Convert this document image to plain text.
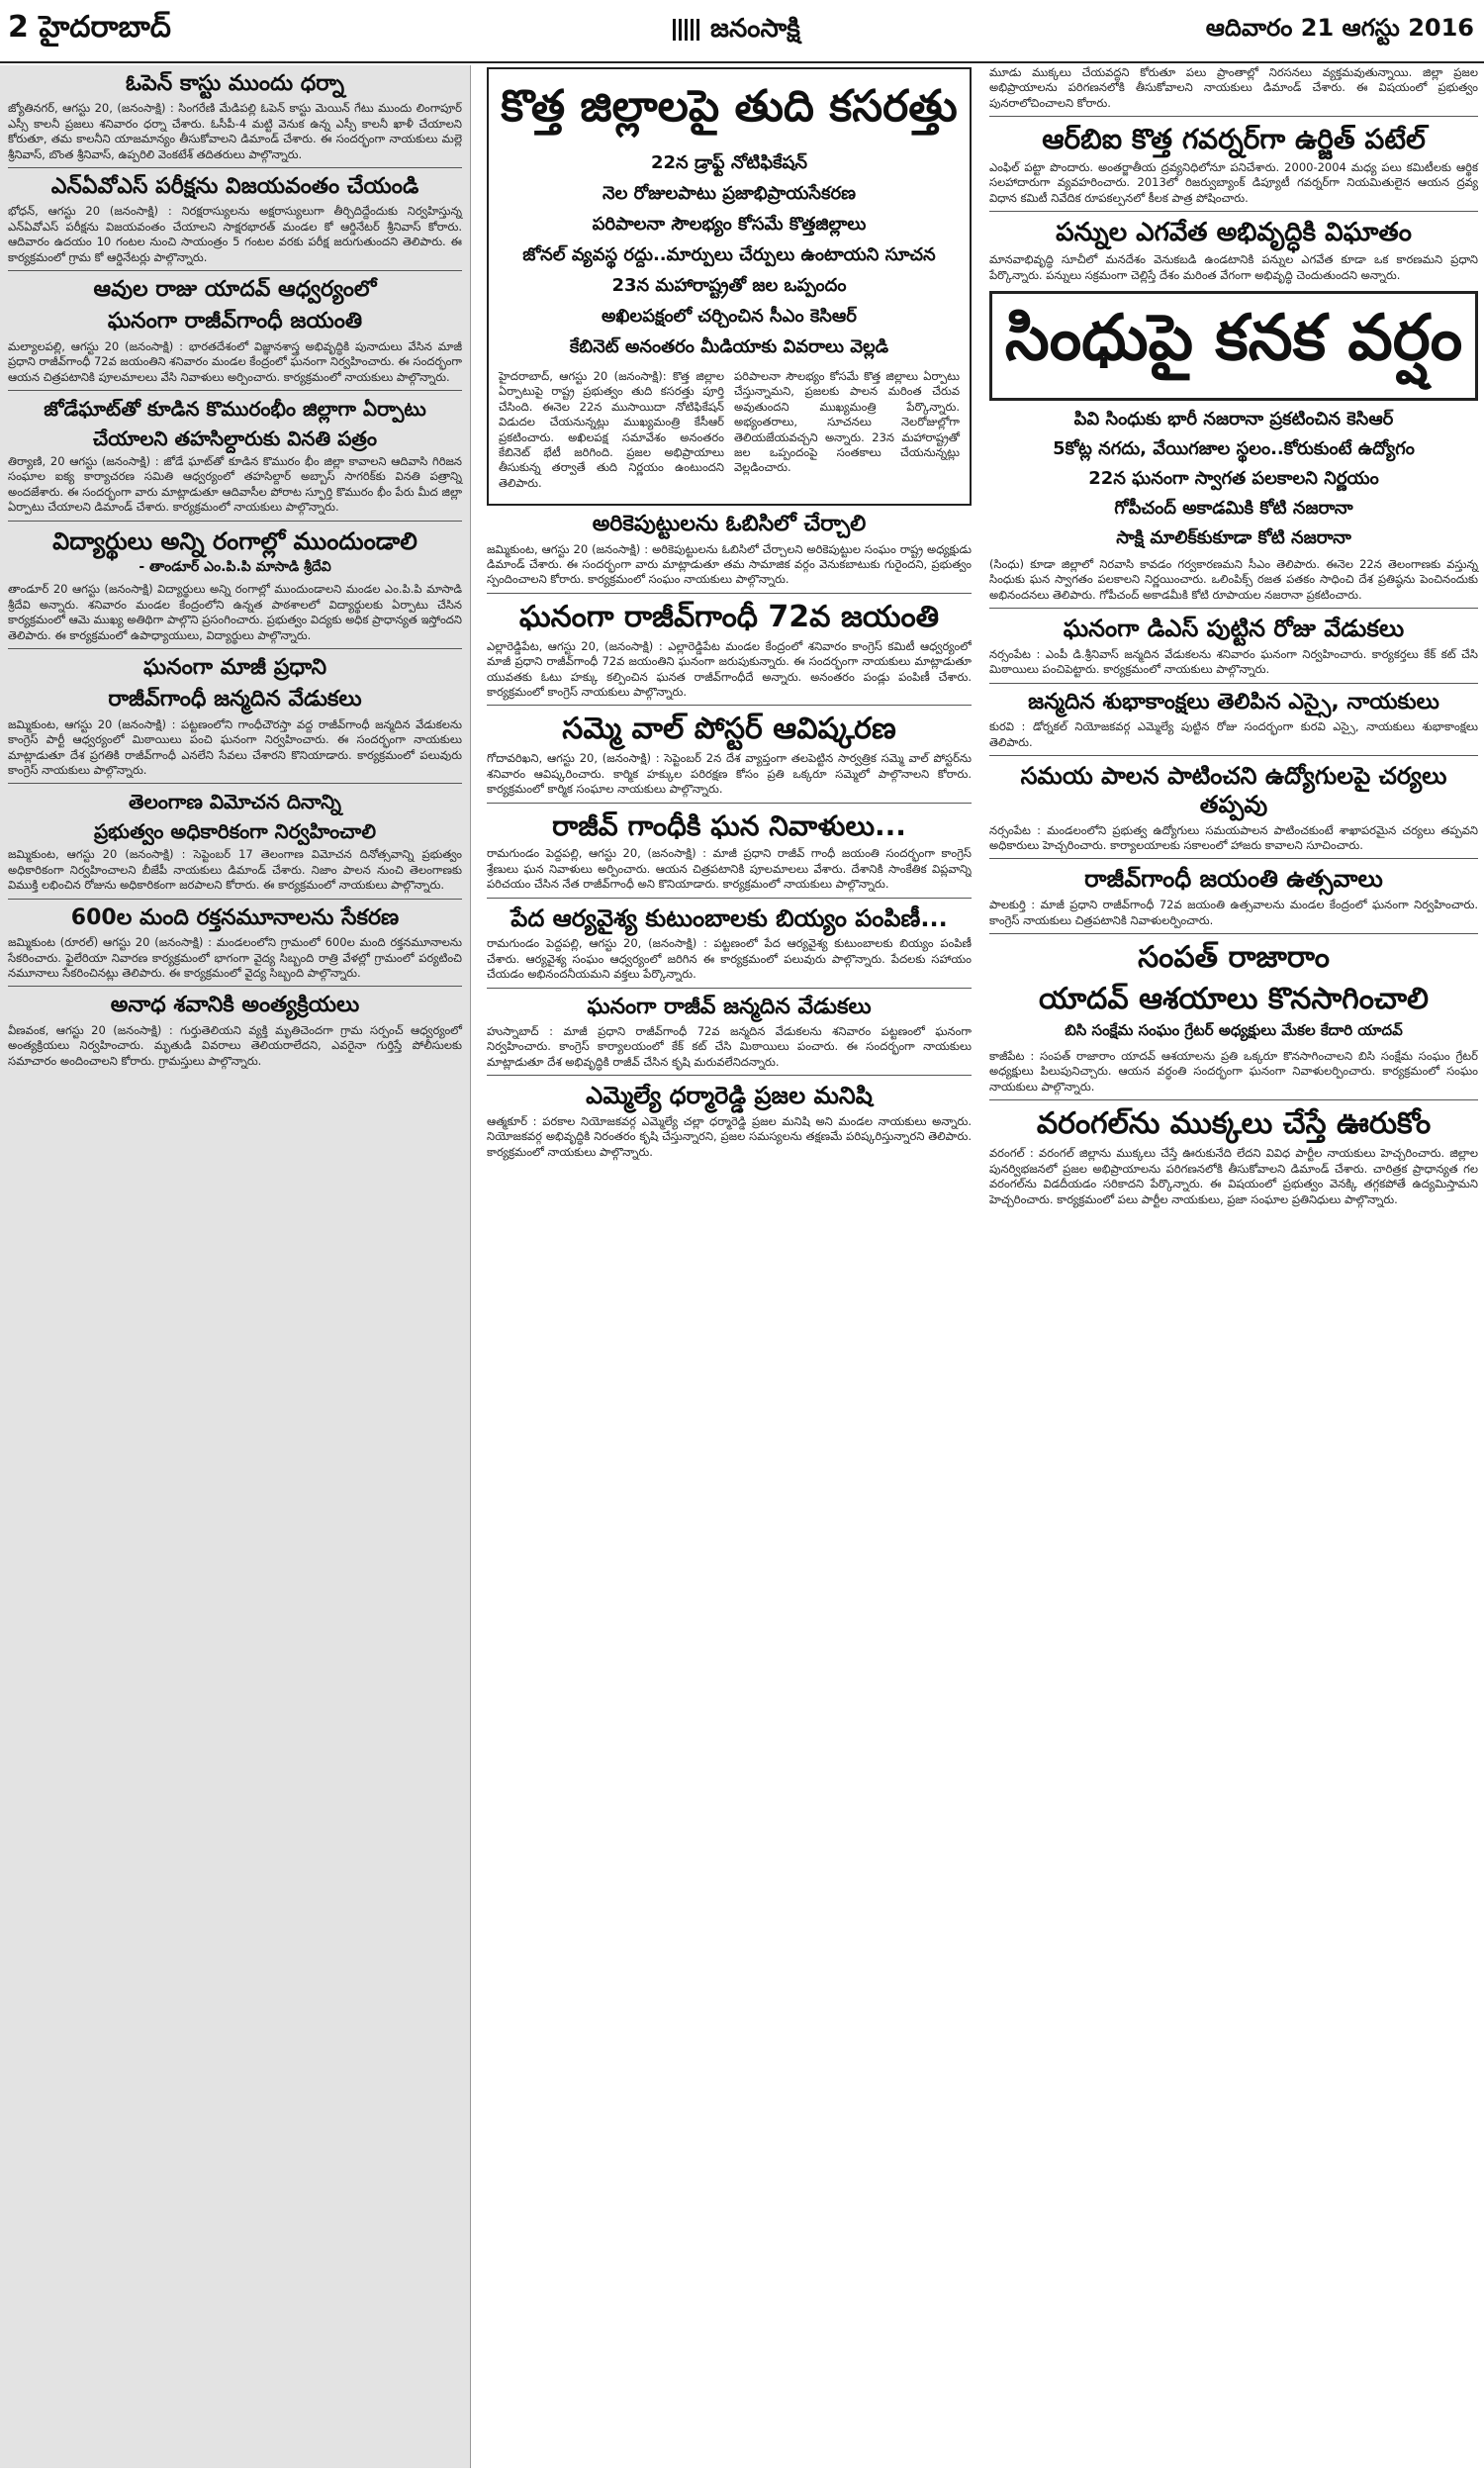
2 హైదరాబాద్	జనంసాక్షి	ఆదివారం 21 ఆగస్టు 2016
ఓపెన్‌ కాస్టు ముందు ధర్నా

జ్యోతినగర్‌, ఆగస్టు 20, (జనంసాక్షి) : సింగరేణి మేడిపల్లి ఓపెన్‌ కాస్టు మెయిన్‌ గేటు ముందు లింగాపూర్‌ ఎస్సీ కాలనీ ప్రజలు శనివారం ధర్నా చేశారు. ఓసీపీ-4 మట్టి వెనుక ఉన్న ఎస్సీ కాలనీ ఖాళీ చేయాలని కోరుతూ, తమ కాలనీని యాజమాన్యం తీసుకోవాలని డిమాండ్‌ చేశారు. ఈ సందర్భంగా నాయకులు మల్లె శ్రీనివాస్‌, బొంత శ్రీనివాస్‌, ఉప్పరిలి వెంకటేశ్‌ తదితరులు పాల్గొన్నారు.

ఎన్‌ఏవోఎస్‌ పరీక్షను విజయవంతం చేయండి

భోధన్‌, ఆగస్టు 20 (జనంసాక్షి) : నిరక్షరాస్యులను అక్షరాస్యులుగా తీర్చిదిద్దేందుకు నిర్వహిస్తున్న ఎన్‌ఏవోఎస్‌ పరీక్షను విజయవంతం చేయాలని సాక్షరభారత్‌ మండల కో ఆర్డినేటర్‌ శ్రీనివాస్‌ కోరారు. ఆదివారం ఉదయం 10 గంటల నుంచి సాయంత్రం 5 గంటల వరకు పరీక్ష జరుగుతుందని తెలిపారు. ఈ కార్యక్రమంలో గ్రామ కో ఆర్డినేటర్లు పాల్గొన్నారు.

ఆవుల రాజు యాదవ్‌ ఆధ్వర్యంలో
ఘనంగా రాజీవ్‌గాంధీ జయంతి

మల్యాలపల్లి, ఆగస్టు 20 (జనంసాక్షి) : భారతదేశంలో విజ్ఞానశాస్త్ర అభివృద్ధికి పునాదులు వేసిన మాజీ ప్రధాని రాజీవ్‌గాంధీ 72వ జయంతిని శనివారం మండల కేంద్రంలో ఘనంగా నిర్వహించారు. ఈ సందర్భంగా ఆయన చిత్రపటానికి పూలమాలలు వేసి నివాళులు అర్పించారు. కార్యక్రమంలో నాయకులు పాల్గొన్నారు.

జోడేఘాట్‌తో కూడిన కొమురంభీం జిల్లాగా ఏర్పాటు
చేయాలని తహసిల్దారుకు వినతి పత్రం

తిర్యాణి, 20 ఆగస్టు (జనంసాక్షి) : జోడే ఘాట్‌తో కూడిన కొమురం భీం జిల్లా కావాలని ఆదివాసి గిరిజన సంఘాల ఐక్య కార్యాచరణ సమితి ఆధ్వర్యంలో తహసిల్దార్‌ అబ్బాస్‌ సాగరిక్‌కు వినతి పత్రాన్ని అందజేశారు. ఈ సందర్భంగా వారు మాట్లాడుతూ ఆదివాసీల పోరాట స్ఫూర్తి కొమురం భీం పేరు మీద జిల్లా ఏర్పాటు చేయాలని డిమాండ్‌ చేశారు. కార్యక్రమంలో నాయకులు పాల్గొన్నారు.

విద్యార్థులు అన్ని రంగాల్లో ముందుండాలి
- తాండూర్‌ ఎం.పి.పి మాసాడి శ్రీదేవి

తాండూర్‌ 20 ఆగస్టు (జనంసాక్షి) విద్యార్థులు అన్ని రంగాల్లో ముందుండాలని మండల ఎం.పి.పి మాసాడి శ్రీదేవి అన్నారు. శనివారం మండల కేంద్రంలోని ఉన్నత పాఠశాలలో విద్యార్థులకు ఏర్పాటు చేసిన కార్యక్రమంలో ఆమె ముఖ్య అతిథిగా పాల్గొని ప్రసంగించారు. ప్రభుత్వం విద్యకు అధిక ప్రాధాన్యత ఇస్తోందని తెలిపారు. ఈ కార్యక్రమంలో ఉపాధ్యాయులు, విద్యార్థులు పాల్గొన్నారు.

ఘనంగా మాజీ ప్రధాని
రాజీవ్‌గాంధీ జన్మదిన వేడుకలు

జమ్మికుంట, ఆగస్టు 20 (జనంసాక్షి) : పట్టణంలోని గాంధీచౌరస్తా వద్ద రాజీవ్‌గాంధీ జన్మదిన వేడుకలను కాంగ్రెస్‌ పార్టీ ఆధ్వర్యంలో మిఠాయిలు పంచి ఘనంగా నిర్వహించారు. ఈ సందర్భంగా నాయకులు మాట్లాడుతూ దేశ ప్రగతికి రాజీవ్‌గాంధీ ఎనలేని సేవలు చేశారని కొనియాడారు. కార్యక్రమంలో పలువురు కాంగ్రెస్‌ నాయకులు పాల్గొన్నారు.

తెలంగాణ విమోచన దినాన్ని
ప్రభుత్వం అధికారికంగా నిర్వహించాలి

జమ్మికుంట, ఆగస్టు 20 (జనంసాక్షి) : సెప్టెంబర్‌ 17 తెలంగాణ విమోచన దినోత్సవాన్ని ప్రభుత్వం అధికారికంగా నిర్వహించాలని బీజేపీ నాయకులు డిమాండ్‌ చేశారు. నిజాం పాలన నుంచి తెలంగాణకు విముక్తి లభించిన రోజును అధికారికంగా జరపాలని కోరారు. ఈ కార్యక్రమంలో నాయకులు పాల్గొన్నారు.

600ల మంది రక్తనమూనాలను సేకరణ

జమ్మికుంట (రూరల్‌) ఆగస్టు 20 (జనంసాక్షి) : మండలంలోని గ్రామంలో 600ల మంది రక్తనమూనాలను సేకరించారు. ఫైలేరియా నివారణ కార్యక్రమంలో భాగంగా వైద్య సిబ్బంది రాత్రి వేళల్లో గ్రామంలో పర్యటించి నమూనాలు సేకరించినట్లు తెలిపారు. ఈ కార్యక్రమంలో వైద్య సిబ్బంది పాల్గొన్నారు.

అనాధ శవానికి అంత్యక్రియలు

వీణవంక, ఆగస్టు 20 (జనంసాక్షి) : గుర్తుతెలియని వ్యక్తి మృతిచెందగా గ్రామ సర్పంచ్‌ ఆధ్వర్యంలో అంత్యక్రియలు నిర్వహించారు. మృతుడి వివరాలు తెలియరాలేదని, ఎవరైనా గుర్తిస్తే పోలీసులకు సమాచారం అందించాలని కోరారు. గ్రామస్తులు పాల్గొన్నారు.

కొత్త జిల్లాలపై తుది కసరత్తు
22న డ్రాఫ్ట్‌ నోటిఫికేషన్‌
నెల రోజులపాటు ప్రజాభిప్రాయసేకరణ
పరిపాలనా సౌలభ్యం కోసమే కొత్తజిల్లాలు
జోనల్‌ వ్యవస్థ రద్దు..మార్పులు చేర్పులు ఉంటాయని సూచన
23న మహారాష్ట్రతో జల ఒప్పందం
అఖిలపక్షంలో చర్చించిన సీఎం కెసిఆర్‌
కేబినెట్‌ అనంతరం మీడియాకు వివరాలు వెల్లడి

హైదరాబాద్‌, ఆగస్టు 20 (జనంసాక్షి): కొత్త జిల్లాల ఏర్పాటుపై రాష్ట్ర ప్రభుత్వం తుది కసరత్తు పూర్తి చేసింది. ఈనెల 22న ముసాయిదా నోటిఫికేషన్‌ విడుదల చేయనున్నట్లు ముఖ్యమంత్రి కేసీఆర్‌ ప్రకటించారు. అఖిలపక్ష సమావేశం అనంతరం కేబినెట్‌ భేటీ జరిగింది. ప్రజల అభిప్రాయాలు తీసుకున్న తర్వాతే తుది నిర్ణయం ఉంటుందని తెలిపారు.

పరిపాలనా సౌలభ్యం కోసమే కొత్త జిల్లాలు ఏర్పాటు చేస్తున్నామని, ప్రజలకు పాలన మరింత చేరువ అవుతుందని ముఖ్యమంత్రి పేర్కొన్నారు. అభ్యంతరాలు, సూచనలు నెలరోజుల్లోగా తెలియజేయవచ్చని అన్నారు. 23న మహారాష్ట్రతో జల ఒప్పందంపై సంతకాలు చేయనున్నట్లు వెల్లడించారు.

అరికెపుట్టులను ఓబిసిలో చేర్చాలి

జమ్మికుంట, ఆగస్టు 20 (జనంసాక్షి) : అరికెపుట్టులను ఓబిసిలో చేర్చాలని అరికెపుట్టుల సంఘం రాష్ట్ర అధ్యక్షుడు డిమాండ్‌ చేశారు. ఈ సందర్భంగా వారు మాట్లాడుతూ తమ సామాజిక వర్గం వెనుకబాటుకు గురైందని, ప్రభుత్వం స్పందించాలని కోరారు. కార్యక్రమంలో సంఘం నాయకులు పాల్గొన్నారు.

ఘనంగా రాజీవ్‌గాంధీ 72వ జయంతి

ఎల్లారెడ్డిపేట, ఆగస్టు 20, (జనంసాక్షి) : ఎల్లారెడ్డిపేట మండల కేంద్రంలో శనివారం కాంగ్రెస్‌ కమిటీ ఆధ్వర్యంలో మాజీ ప్రధాని రాజీవ్‌గాంధీ 72వ జయంతిని ఘనంగా జరుపుకున్నారు. ఈ సందర్భంగా నాయకులు మాట్లాడుతూ యువతకు ఓటు హక్కు కల్పించిన ఘనత రాజీవ్‌గాంధీదే అన్నారు. అనంతరం పండ్లు పంపిణీ చేశారు. కార్యక్రమంలో కాంగ్రెస్‌ నాయకులు పాల్గొన్నారు.

సమ్మె వాల్‌ పోస్టర్‌ ఆవిష్కరణ

గోదావరిఖని, ఆగస్టు 20, (జనంసాక్షి) : సెప్టెంబర్‌ 2న దేశ వ్యాప్తంగా తలపెట్టిన సార్వత్రిక సమ్మె వాల్‌ పోస్టర్‌ను శనివారం ఆవిష్కరించారు. కార్మిక హక్కుల పరిరక్షణ కోసం ప్రతి ఒక్కరూ సమ్మెలో పాల్గొనాలని కోరారు. కార్యక్రమంలో కార్మిక సంఘాల నాయకులు పాల్గొన్నారు.

రాజీవ్‌ గాంధీకి ఘన నివాళులు...

రామగుండం పెద్దపల్లి, ఆగస్టు 20, (జనంసాక్షి) : మాజీ ప్రధాని రాజీవ్‌ గాంధీ జయంతి సందర్భంగా కాంగ్రెస్‌ శ్రేణులు ఘన నివాళులు అర్పించారు. ఆయన చిత్రపటానికి పూలమాలలు వేశారు. దేశానికి సాంకేతిక విప్లవాన్ని పరిచయం చేసిన నేత రాజీవ్‌గాంధీ అని కొనియాడారు. కార్యక్రమంలో నాయకులు పాల్గొన్నారు.

పేద ఆర్యవైశ్య కుటుంబాలకు బియ్యం పంపిణీ...

రామగుండం పెద్దపల్లి, ఆగస్టు 20, (జనంసాక్షి) : పట్టణంలో పేద ఆర్యవైశ్య కుటుంబాలకు బియ్యం పంపిణీ చేశారు. ఆర్యవైశ్య సంఘం ఆధ్వర్యంలో జరిగిన ఈ కార్యక్రమంలో పలువురు పాల్గొన్నారు. పేదలకు సహాయం చేయడం అభినందనీయమని వక్తలు పేర్కొన్నారు.

ఘనంగా రాజీవ్‌ జన్మదిన వేడుకలు

హుస్నాబాద్‌ : మాజీ ప్రధాని రాజీవ్‌గాంధీ 72వ జన్మదిన వేడుకలను శనివారం పట్టణంలో ఘనంగా నిర్వహించారు. కాంగ్రెస్‌ కార్యాలయంలో కేక్‌ కట్‌ చేసి మిఠాయిలు పంచారు. ఈ సందర్భంగా నాయకులు మాట్లాడుతూ దేశ అభివృద్ధికి రాజీవ్‌ చేసిన కృషి మరువలేనిదన్నారు.

ఎమ్మెల్యే ధర్మారెడ్డి ప్రజల మనిషి

ఆత్మకూర్‌ : పరకాల నియోజకవర్గ ఎమ్మెల్యే చల్లా ధర్మారెడ్డి ప్రజల మనిషి అని మండల నాయకులు అన్నారు. నియోజకవర్గ అభివృద్ధికి నిరంతరం కృషి చేస్తున్నారని, ప్రజల సమస్యలను తక్షణమే పరిష్కరిస్తున్నారని తెలిపారు. కార్యక్రమంలో నాయకులు పాల్గొన్నారు.

మూడు ముక్కలు చేయవద్దని కోరుతూ పలు ప్రాంతాల్లో నిరసనలు వ్యక్తమవుతున్నాయి. జిల్లా ప్రజల అభిప్రాయాలను పరిగణనలోకి తీసుకోవాలని నాయకులు డిమాండ్‌ చేశారు. ఈ విషయంలో ప్రభుత్వం పునరాలోచించాలని కోరారు.

ఆర్‌బిఐ కొత్త గవర్నర్‌గా ఉర్జిత్‌ పటేల్‌

ఎంఫిల్‌ పట్టా పొందారు. అంతర్జాతీయ ద్రవ్యనిధిలోనూ పనిచేశారు. 2000-2004 మధ్య పలు కమిటీలకు ఆర్థిక సలహాదారుగా వ్యవహరించారు. 2013లో రిజర్వుబ్యాంక్‌ డిప్యూటీ గవర్నర్‌గా నియమితులైన ఆయన ద్రవ్య విధాన కమిటీ నివేదిక రూపకల్పనలో కీలక పాత్ర పోషించారు.

పన్నుల ఎగవేత అభివృద్ధికి విఘాతం

మానవాభివృద్ధి సూచీలో మనదేశం వెనుకబడి ఉండటానికి పన్నుల ఎగవేత కూడా ఒక కారణమని ప్రధాని పేర్కొన్నారు. పన్నులు సక్రమంగా చెల్లిస్తే దేశం మరింత వేగంగా అభివృద్ధి చెందుతుందని అన్నారు.

సింధుపై కనక వర్షం
పివి సింధుకు భారీ నజరానా ప్రకటించిన కెసిఆర్‌
5కోట్ల నగదు, వేయిగజాల స్థలం..కోరుకుంటే ఉద్యోగం
22న ఘనంగా స్వాగత పలకాలని నిర్ణయం
గోపీచంద్‌ అకాడమికి కోటి నజరానా
సాక్షి మాలిక్‌కుకూడా కోటి నజరానా

(సింధు) కూడా జిల్లాలో నిరవాసి కావడం గర్వకారణమని సీఎం తెలిపారు. ఈనెల 22న తెలంగాణకు వస్తున్న సింధుకు ఘన స్వాగతం పలకాలని నిర్ణయించారు. ఒలింపిక్స్‌ రజత పతకం సాధించి దేశ ప్రతిష్ఠను పెంచినందుకు అభినందనలు తెలిపారు. గోపీచంద్‌ అకాడమీకి కోటి రూపాయల నజరానా ప్రకటించారు.

ఘనంగా డిఎస్‌ పుట్టిన రోజు వేడుకలు

నర్సంపేట : ఎంపీ డి.శ్రీనివాస్‌ జన్మదిన వేడుకలను శనివారం ఘనంగా నిర్వహించారు. కార్యకర్తలు కేక్‌ కట్‌ చేసి మిఠాయిలు పంచిపెట్టారు. కార్యక్రమంలో నాయకులు పాల్గొన్నారు.

జన్మదిన శుభాకాంక్షలు తెలిపిన ఎస్సై, నాయకులు

కురవి : డోర్నకల్‌ నియోజకవర్గ ఎమ్మెల్యే పుట్టిన రోజు సందర్భంగా కురవి ఎస్సై, నాయకులు శుభాకాంక్షలు తెలిపారు.

సమయ పాలన పాటించని ఉద్యోగులపై చర్యలు తప్పవు

నర్సంపేట : మండలంలోని ప్రభుత్వ ఉద్యోగులు సమయపాలన పాటించకుంటే శాఖాపరమైన చర్యలు తప్పవని అధికారులు హెచ్చరించారు. కార్యాలయాలకు సకాలంలో హాజరు కావాలని సూచించారు.

రాజీవ్‌గాంధీ జయంతి ఉత్సవాలు

పాలకుర్తి : మాజీ ప్రధాని రాజీవ్‌గాంధీ 72వ జయంతి ఉత్సవాలను మండల కేంద్రంలో ఘనంగా నిర్వహించారు. కాంగ్రెస్‌ నాయకులు చిత్రపటానికి నివాళులర్పించారు.

సంపత్‌ రాజారాం
యాదవ్‌ ఆశయాలు కొనసాగించాలి
బిసి సంక్షేమ సంఘం గ్రేటర్‌ అధ్యక్షులు మేకల కేదారి యాదవ్‌

కాజీపేట : సంపత్‌ రాజారాం యాదవ్‌ ఆశయాలను ప్రతి ఒక్కరూ కొనసాగించాలని బిసి సంక్షేమ సంఘం గ్రేటర్‌ అధ్యక్షులు పిలుపునిచ్చారు. ఆయన వర్ధంతి సందర్భంగా ఘనంగా నివాళులర్పించారు. కార్యక్రమంలో సంఘం నాయకులు పాల్గొన్నారు.

వరంగల్‌ను ముక్కలు చేస్తే ఊరుకోం

వరంగల్‌ : వరంగల్‌ జిల్లాను ముక్కలు చేస్తే ఊరుకునేది లేదని వివిధ పార్టీల నాయకులు హెచ్చరించారు. జిల్లాల పునర్విభజనలో ప్రజల అభిప్రాయాలను పరిగణనలోకి తీసుకోవాలని డిమాండ్‌ చేశారు. చారిత్రక ప్రాధాన్యత గల వరంగల్‌ను విడదీయడం సరికాదని పేర్కొన్నారు. ఈ విషయంలో ప్రభుత్వం వెనక్కి తగ్గకపోతే ఉద్యమిస్తామని హెచ్చరించారు. కార్యక్రమంలో పలు పార్టీల నాయకులు, ప్రజా సంఘాల ప్రతినిధులు పాల్గొన్నారు.
